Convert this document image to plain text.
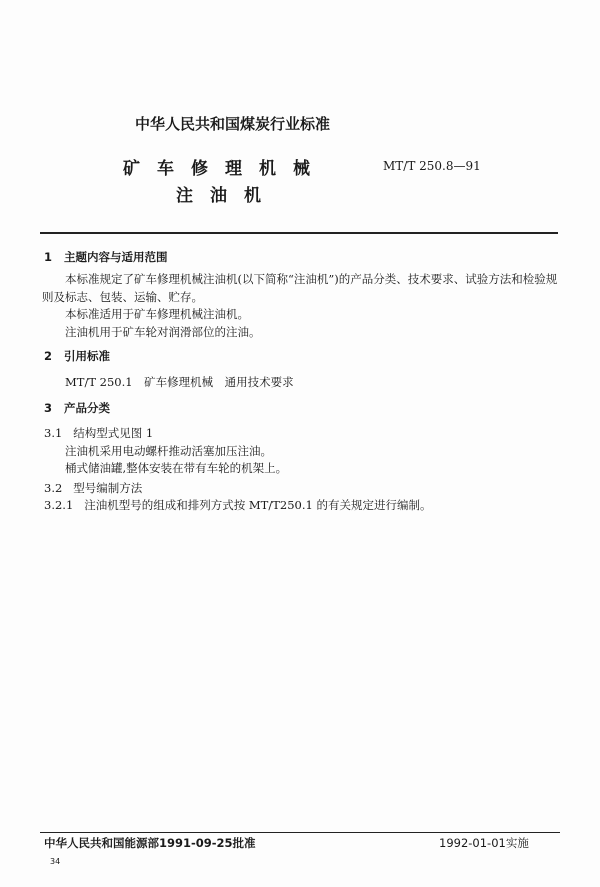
中华人民共和国煤炭行业标准
矿　车　修　理　机　械
注　油　机
MT/T 250.8—91
1 主题内容与适用范围
本标准规定了矿车修理机械注油机(以下简称“注油机”)的产品分类、技术要求、试验方法和检验规
则及标志、包装、运输、贮存。
本标准适用于矿车修理机械注油机。
注油机用于矿车轮对润滑部位的注油。
2 引用标准
MT/T 250.1　矿车修理机械　通用技术要求
3 产品分类
3.1 结构型式见图 1
注油机采用电动螺杆推动活塞加压注油。
桶式储油罐,整体安装在带有车轮的机架上。
3.2 型号编制方法
3.2.1 注油机型号的组成和排列方式按 MT/T250.1 的有关规定进行编制。
中华人民共和国能源部1991-09-25批准	1992-01-01实施
34
